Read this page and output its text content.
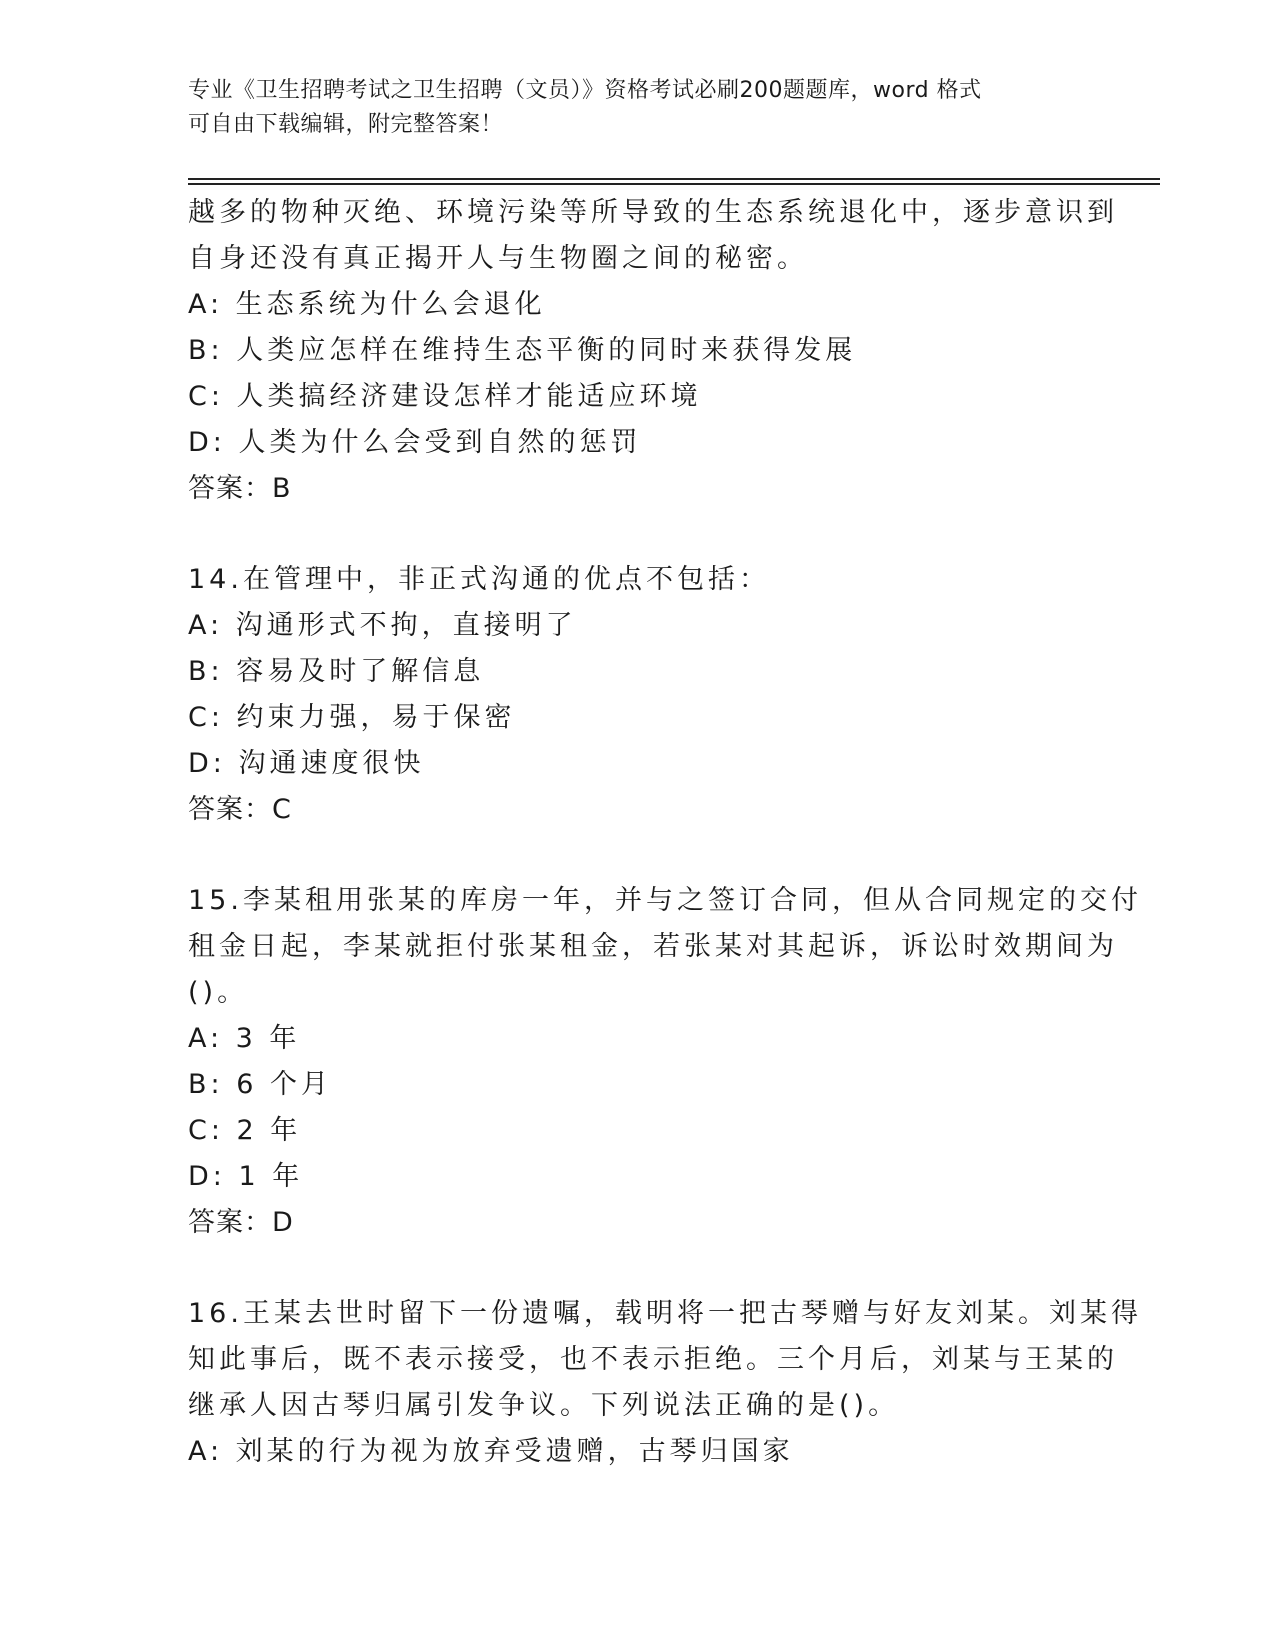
专业《卫生招聘考试之卫生招聘（文员）》资格考试必刷200题题库，word 格式
可自由下载编辑，附完整答案！
越多的物种灭绝、环境污染等所导致的生态系统退化中，逐步意识到
自身还没有真正揭开人与生物圈之间的秘密。
A: 生态系统为什么会退化
B: 人类应怎样在维持生态平衡的同时来获得发展
C: 人类搞经济建设怎样才能适应环境
D: 人类为什么会受到自然的惩罚
答案：B
14.在管理中，非正式沟通的优点不包括：
A: 沟通形式不拘，直接明了
B: 容易及时了解信息
C: 约束力强，易于保密
D: 沟通速度很快
答案：C
15.李某租用张某的库房一年，并与之签订合同，但从合同规定的交付
租金日起，李某就拒付张某租金，若张某对其起诉，诉讼时效期间为
()。
A: 3 年
B: 6 个月
C: 2 年
D: 1 年
答案：D
16.王某去世时留下一份遗嘱，载明将一把古琴赠与好友刘某。刘某得
知此事后，既不表示接受，也不表示拒绝。三个月后，刘某与王某的
继承人因古琴归属引发争议。下列说法正确的是()。
A: 刘某的行为视为放弃受遗赠，古琴归国家
